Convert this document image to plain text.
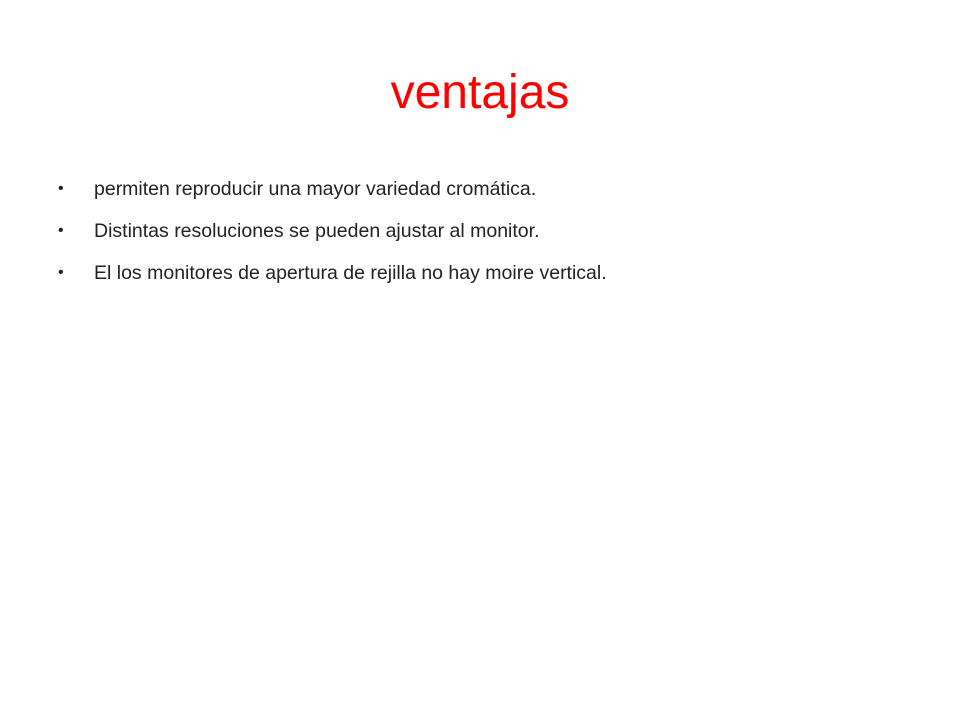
ventajas
•	permiten reproducir una mayor variedad cromática.
•	Distintas resoluciones se pueden ajustar al monitor.
•	El los monitores de apertura de rejilla no hay moire vertical.
